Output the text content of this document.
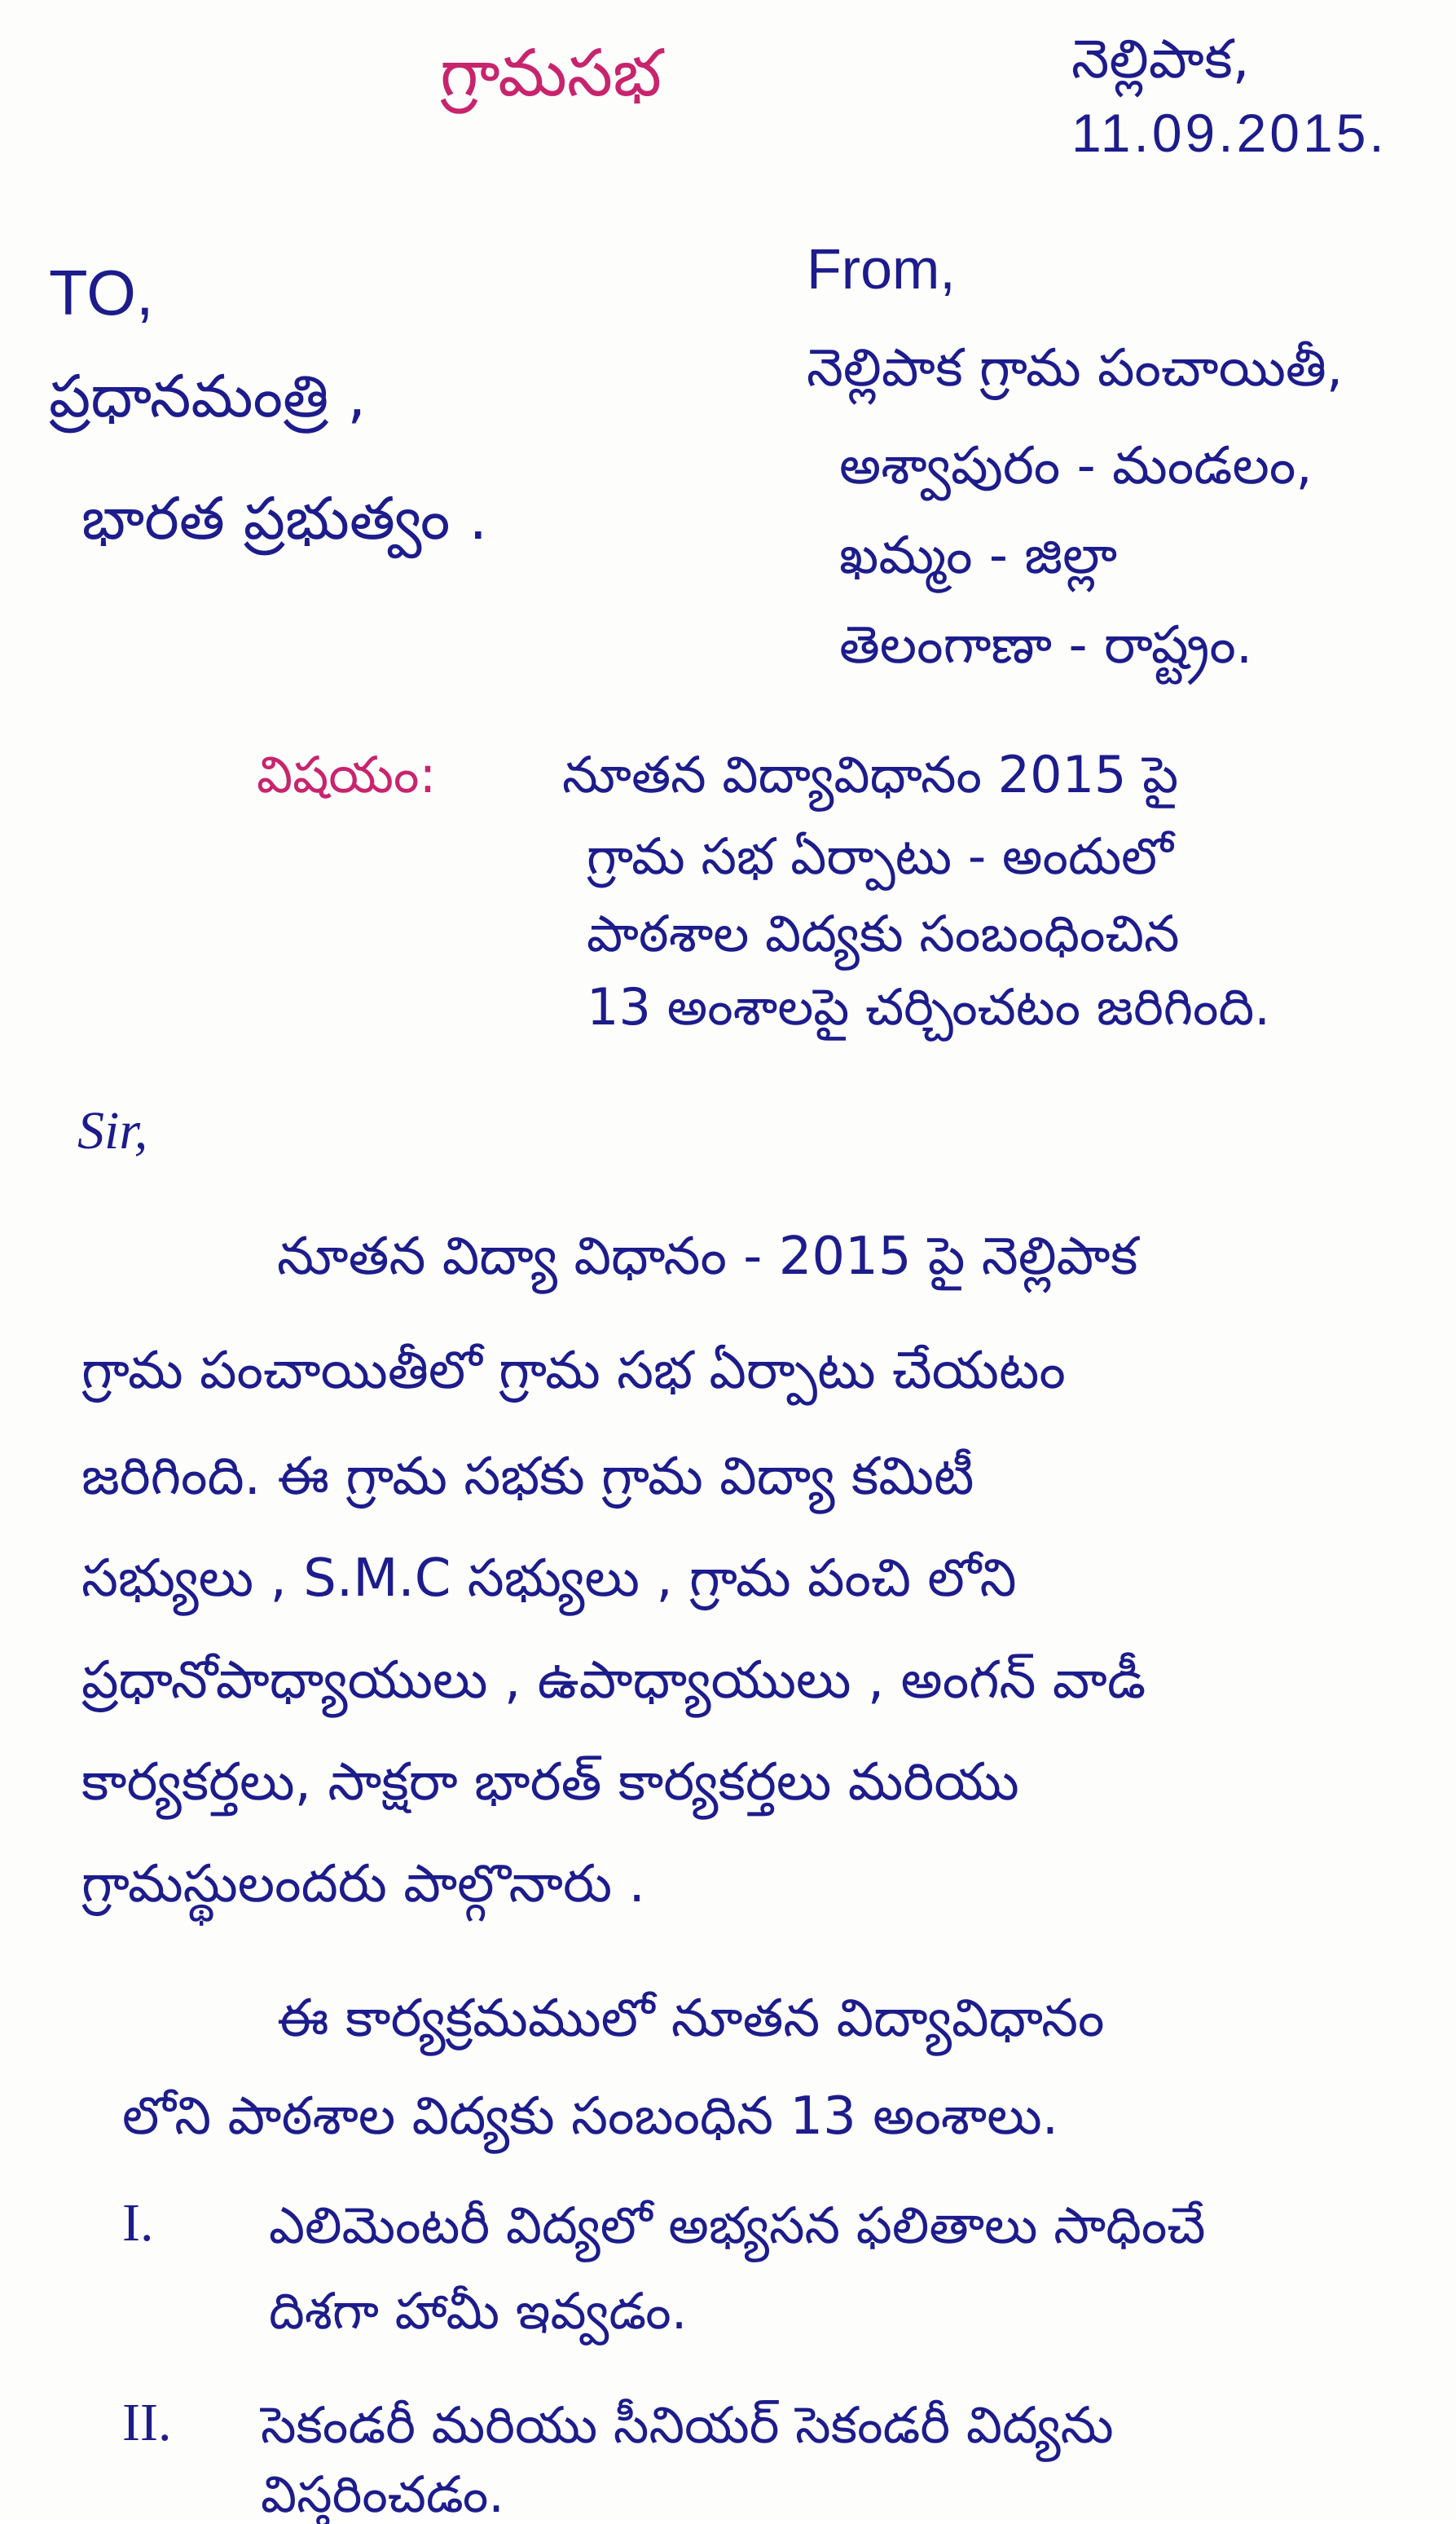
గ్రామసభ	నెల్లిపాక,
11.09.2015.
TO,
ప్రధానమంత్రి ,
భారత ప్రభుత్వం .
From,
నెల్లిపాక గ్రామ పంచాయితీ,
అశ్వాపురం - మండలం,
ఖమ్మం - జిల్లా
తెలంగాణా - రాష్ట్రం.
విషయం: నూతన విద్యావిధానం 2015 పై
గ్రామ సభ ఏర్పాటు - అందులో
పాఠశాల విద్యకు సంబంధించిన
13 అంశాలపై చర్చించటం జరిగింది.
Sir,
నూతన విద్యా విధానం - 2015 పై నెల్లిపాక
గ్రామ పంచాయితీలో గ్రామ సభ ఏర్పాటు చేయటం
జరిగింది. ఈ గ్రామ సభకు గ్రామ విద్యా కమిటీ
సభ్యులు , S.M.C సభ్యులు , గ్రామ పంచి లోని
ప్రధానోపాధ్యాయులు , ఉపాధ్యాయులు , అంగన్ వాడీ
కార్యకర్తలు, సాక్షరా భారత్ కార్యకర్తలు మరియు
గ్రామస్థులందరు పాల్గొనారు .
ఈ కార్యక్రమములో నూతన విద్యావిధానం
లోని పాఠశాల విద్యకు సంబంధిన 13 అంశాలు.
I. ఎలిమెంటరీ విద్యలో అభ్యసన ఫలితాలు సాధించే
దిశగా హామీ ఇవ్వడం.
II. సెకండరీ మరియు సీనియర్ సెకండరీ విద్యను
విస్తరించడం.
